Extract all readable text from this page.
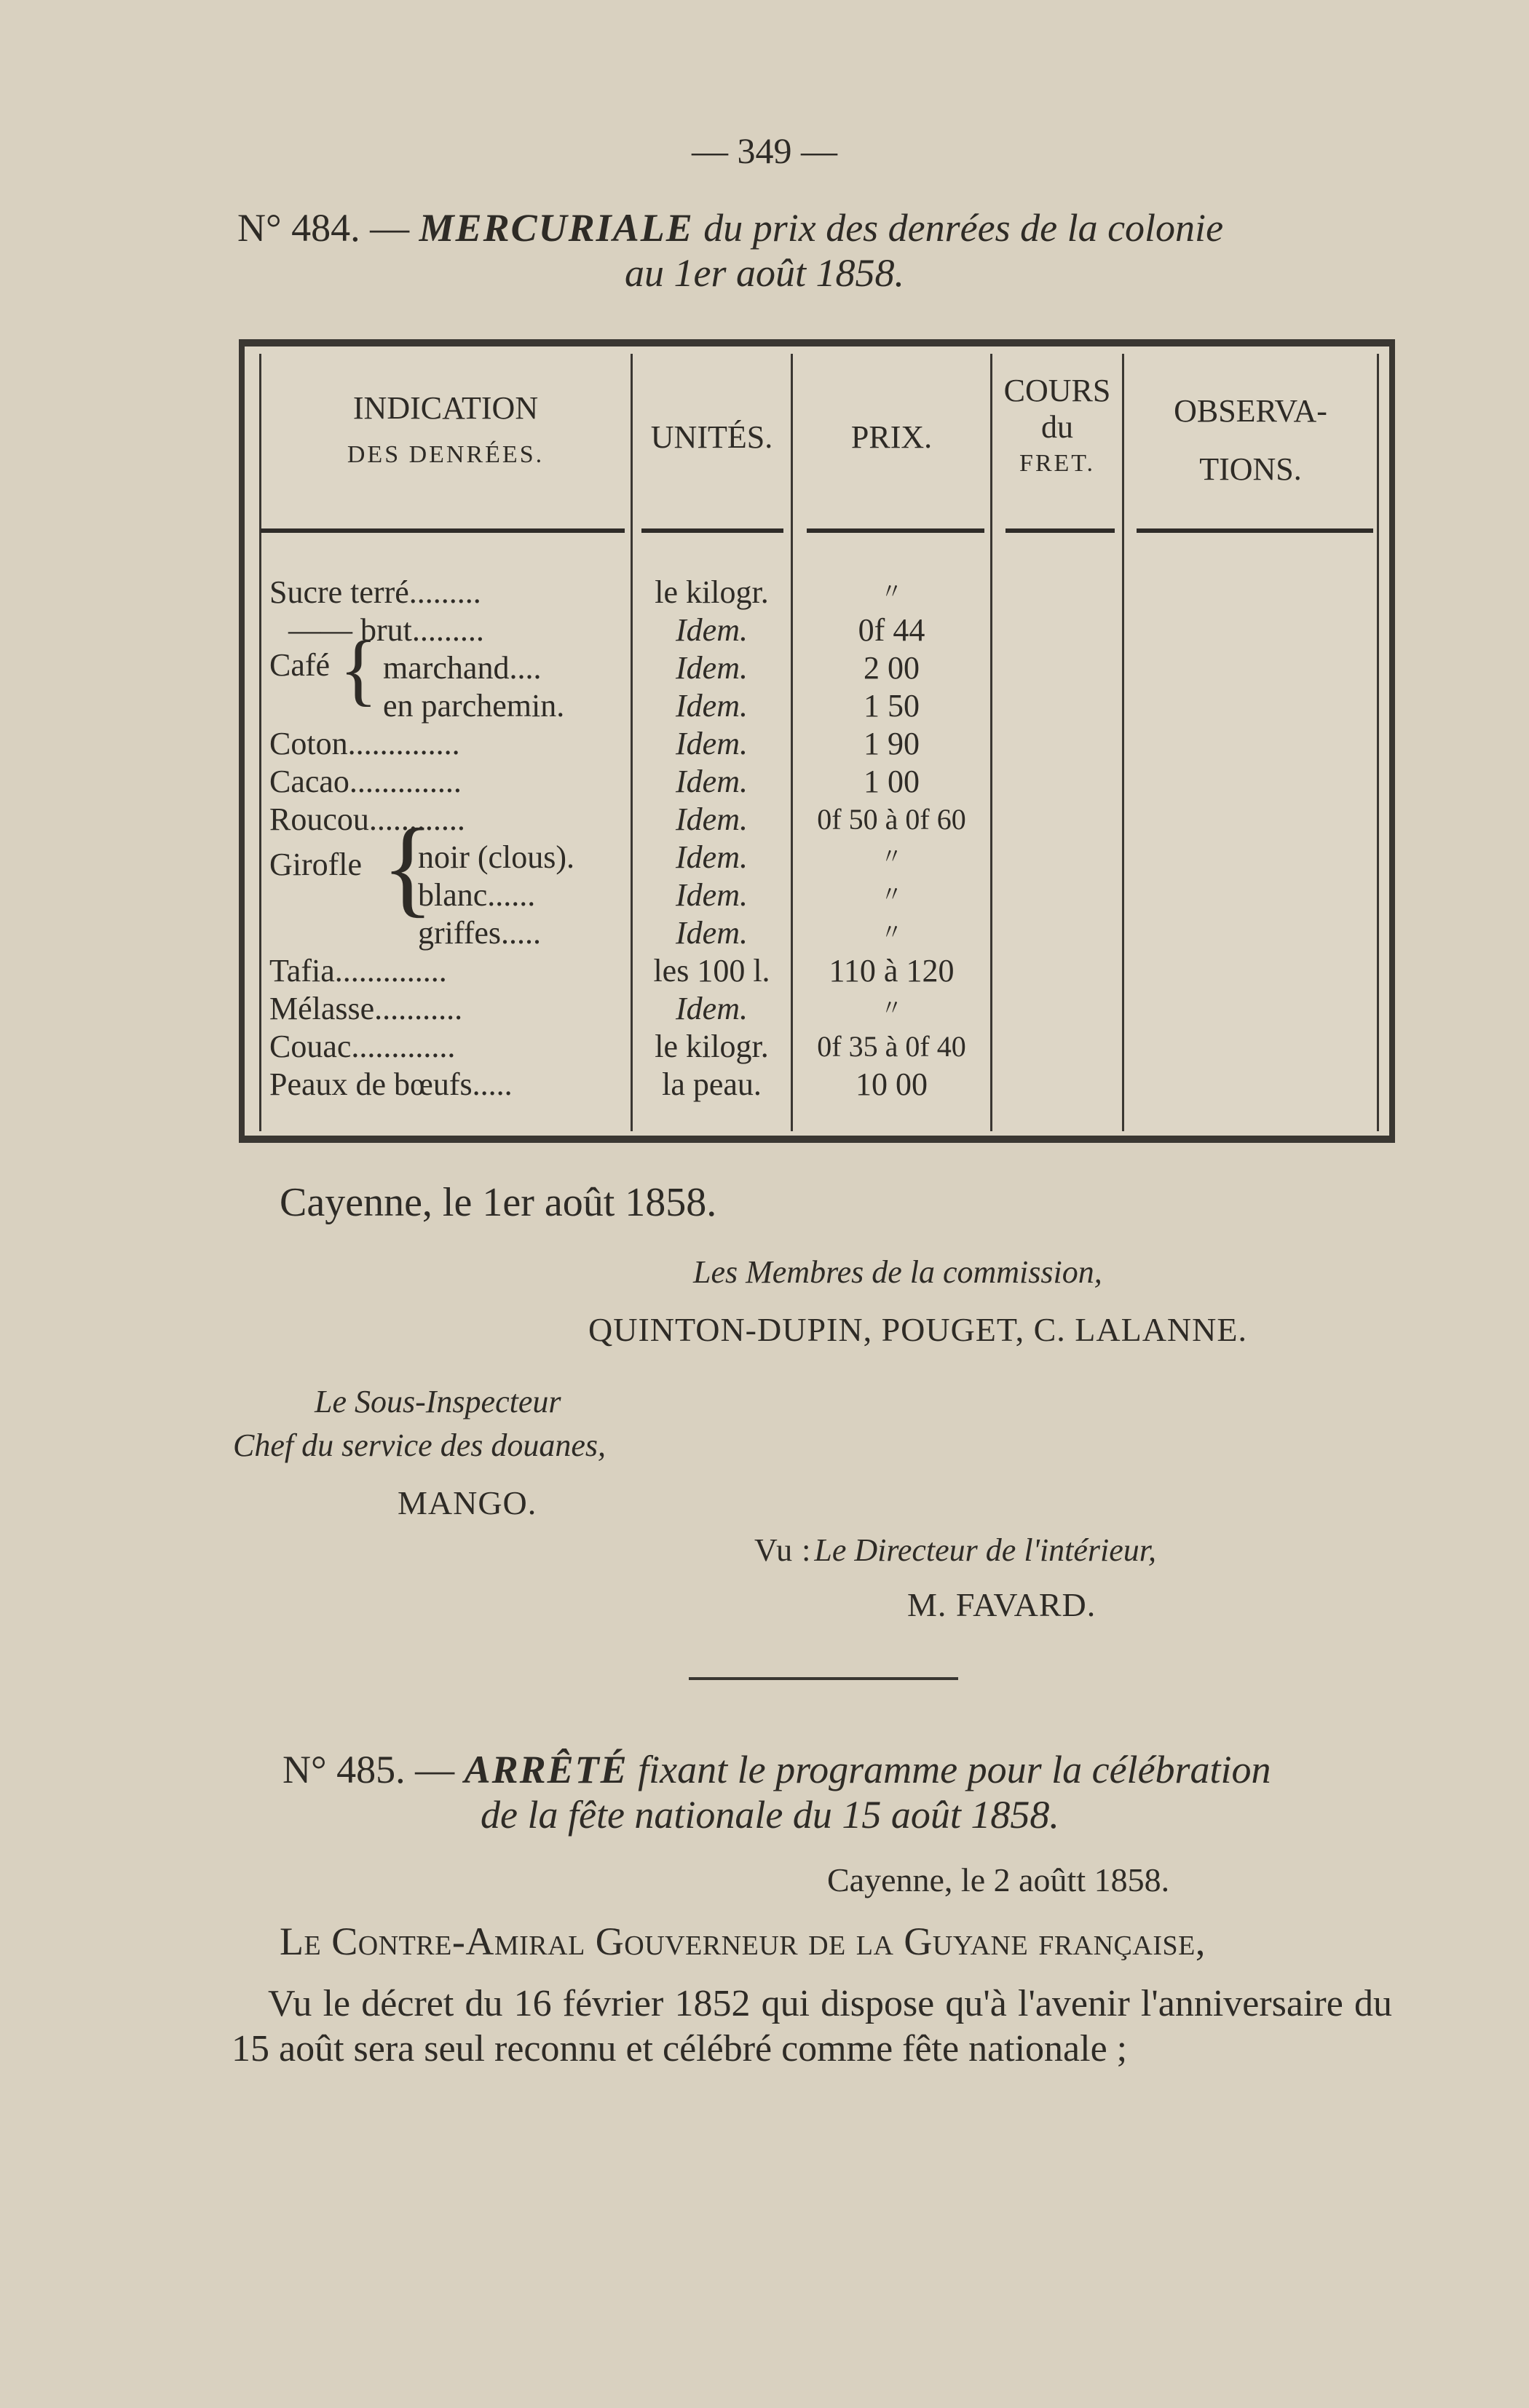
— 349 —
N° 484. — MERCURIALE du prix des denrées de la colonie
au 1er août 1858.
INDICATION
DES DENRÉES.	UNITÉS.	PRIX.
COURS
du
FRET.
OBSERVA-
TIONS.
Café {
Girofle {
Sucre terré.........
—— brut.........
marchand....
en parchemin.
Coton..............
Cacao..............
Roucou............
noir (clous).
blanc......
griffes.....
Tafia..............
Mélasse...........
Couac.............
Peaux de bœufs.....
le kilogr.
Idem.
Idem.
Idem.
Idem.
Idem.
Idem.
Idem.
Idem.
Idem.
les 100 l.
Idem.
le kilogr.
la peau.
〃
0f 44
2 00
1 50
1 90
1 00
0f 50 à 0f 60
〃
〃
〃
110 à 120
〃
0f 35 à 0f 40
10 00
Cayenne, le 1er août 1858.
Les Membres de la commission,
QUINTON-DUPIN, POUGET, C. LALANNE.
Le Sous-Inspecteur
Chef du service des douanes,
MANGO.
Vu : Le Directeur de l'intérieur,
M. FAVARD.
N° 485. — ARRÊTÉ fixant le programme pour la célébration
de la fête nationale du 15 août 1858.
Cayenne, le 2 aoûtt 1858.
Le Contre-Amiral Gouverneur de la Guyane française,
Vu le décret du 16 février 1852 qui dispose qu'à l'avenir l'anniversaire du 15 août sera seul reconnu et célébré comme fête nationale ;
